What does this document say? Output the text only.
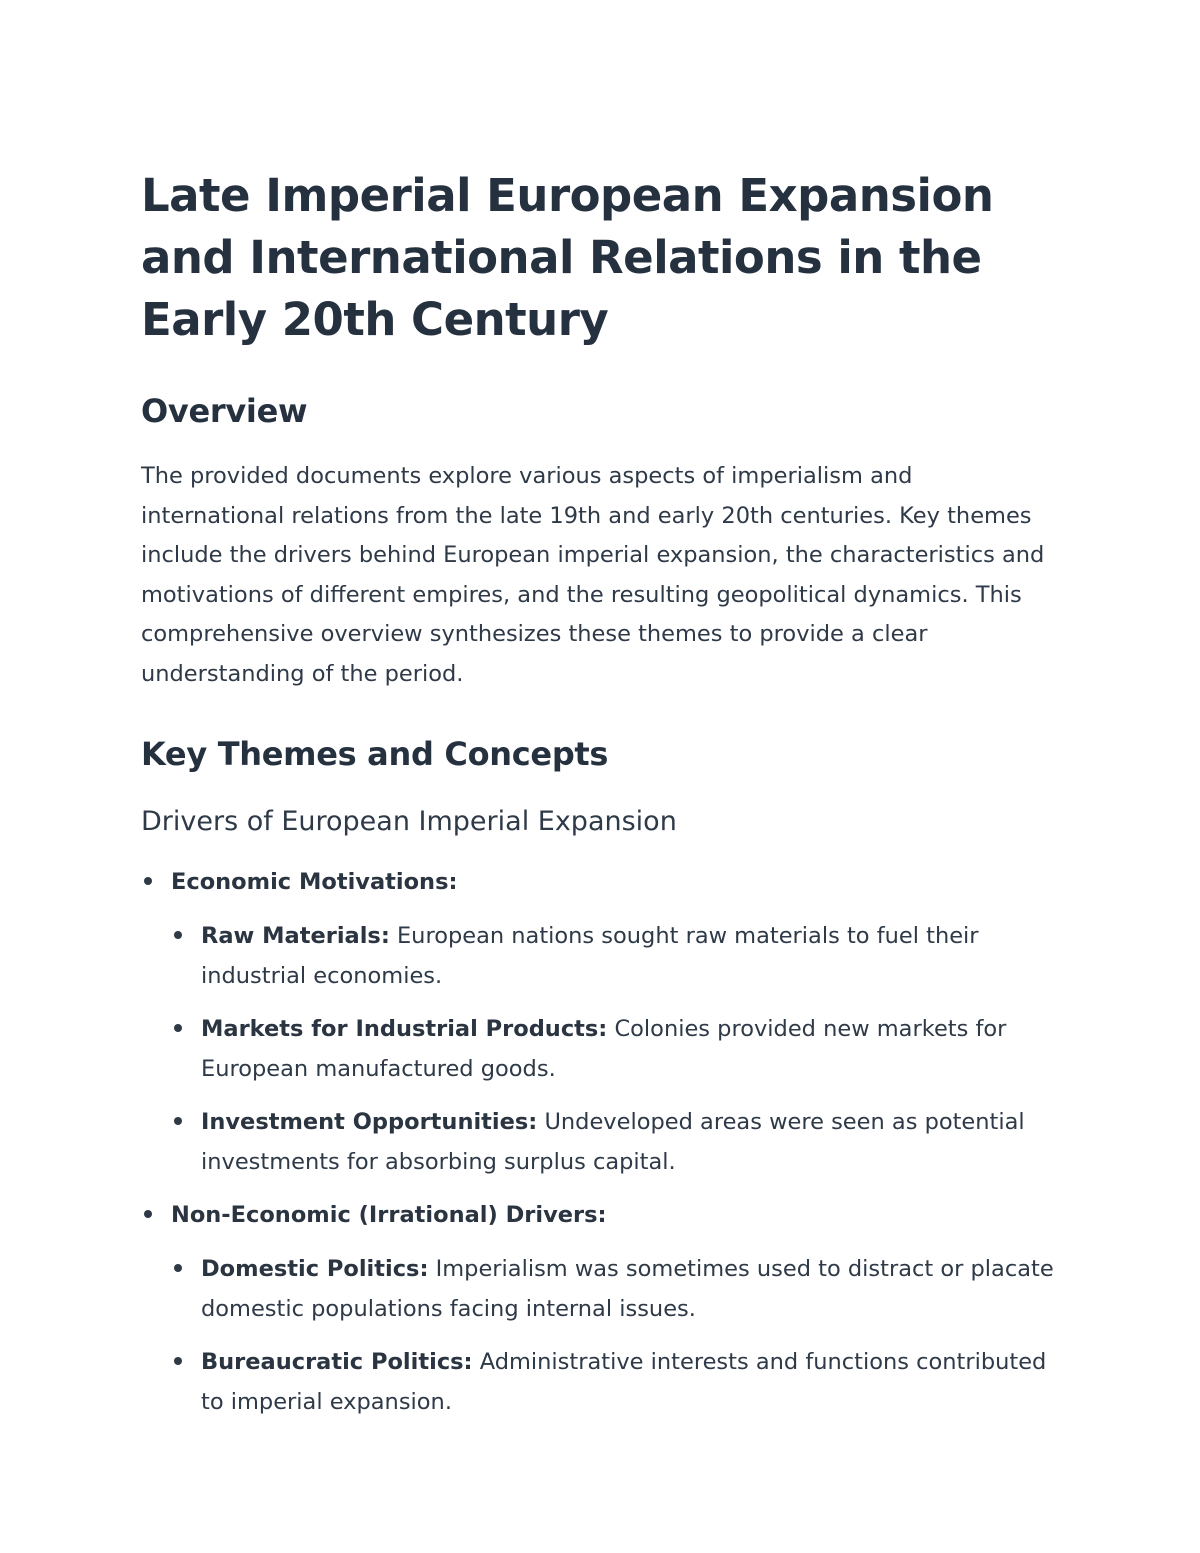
Late Imperial European Expansion and International Relations in the Early 20th Century
Overview

The provided documents explore various aspects of imperialism and international relations from the late 19th and early 20th centuries. Key themes include the drivers behind European imperial expansion, the characteristics and motivations of different empires, and the resulting geopolitical dynamics. This comprehensive overview synthesizes these themes to provide a clear understanding of the period.

Key Themes and Concepts
Drivers of European Imperial Expansion
Economic Motivations:
Raw Materials: European nations sought raw materials to fuel their industrial economies.
Markets for Industrial Products: Colonies provided new markets for European manufactured goods.
Investment Opportunities: Undeveloped areas were seen as potential investments for absorbing surplus capital.
Non-Economic (Irrational) Drivers:
Domestic Politics: Imperialism was sometimes used to distract or placate domestic populations facing internal issues.
Bureaucratic Politics: Administrative interests and functions contributed to imperial expansion.
